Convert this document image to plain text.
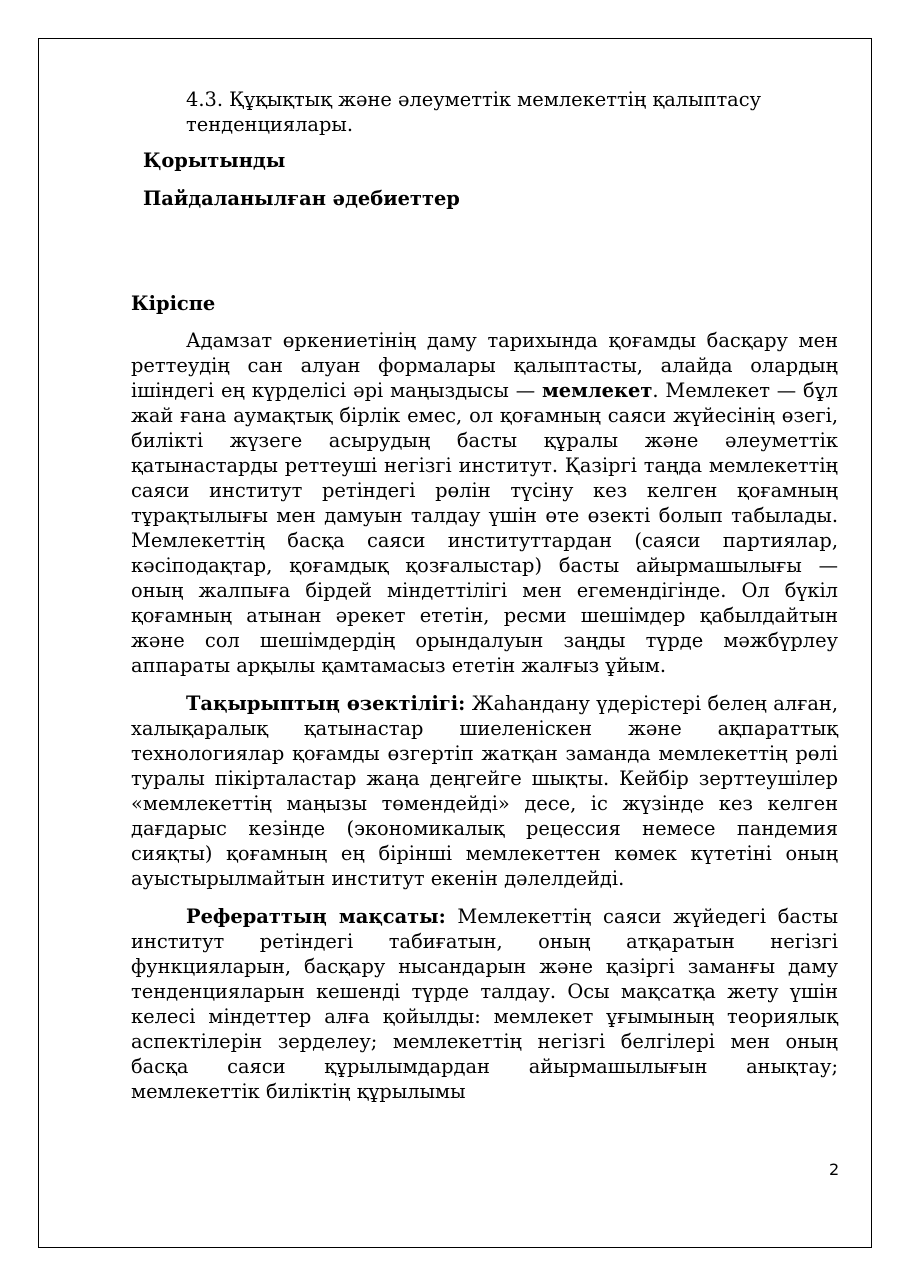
4.3. Құқықтық және әлеуметтік мемлекеттің қалыптасу тенденциялары.
Қорытынды
Пайдаланылған әдебиеттер
Кіріспе

Адамзат өркениетінің даму тарихында қоғамды басқару мен реттеудің сан алуан формалары қалыптасты, алайда олардың ішіндегі ең күрделісі әрі маңыздысы — мемлекет. Мемлекет — бұл жай ғана аумақтық бірлік емес, ол қоғамның саяси жүйесінің өзегі, билікті жүзеге асырудың басты құралы және әлеуметтік қатынастарды реттеуші негізгі институт. Қазіргі таңда мемлекеттің саяси институт ретіндегі рөлін түсіну кез келген қоғамның тұрақтылығы мен дамуын талдау үшін өте өзекті болып табылады. Мемлекеттің басқа саяси институттардан (саяси партиялар, кәсіподақтар, қоғамдық қозғалыстар) басты айырмашылығы — оның жалпыға бірдей міндеттілігі мен егемендігінде. Ол бүкіл қоғамның атынан әрекет ететін, ресми шешімдер қабылдайтын және сол шешімдердің орындалуын заңды түрде мәжбүрлеу аппараты арқылы қамтамасыз ететін жалғыз ұйым.

Тақырыптың өзектілігі: Жаһандану үдерістері белең алған, халықаралық қатынастар шиеленіскен және ақпараттық технологиялар қоғамды өзгертіп жатқан заманда мемлекеттің рөлі туралы пікірталастар жаңа деңгейге шықты. Кейбір зерттеушілер «мемлекеттің маңызы төмендейді» десе, іс жүзінде кез келген дағдарыс кезінде (экономикалық рецессия немесе пандемия сияқты) қоғамның ең бірінші мемлекеттен көмек күтетіні оның ауыстырылмайтын институт екенін дәлелдейді.

Рефераттың мақсаты: Мемлекеттің саяси жүйедегі басты институт ретіндегі табиғатын, оның атқаратын негізгі функцияларын, басқару нысандарын және қазіргі заманғы даму тенденцияларын кешенді түрде талдау. Осы мақсатқа жету үшін келесі міндеттер алға қойылды: мемлекет ұғымының теориялық аспектілерін зерделеу; мемлекеттің негізгі белгілері мен оның басқа саяси құрылымдардан айырмашылығын анықтау; мемлекеттік биліктің құрылымы

2
